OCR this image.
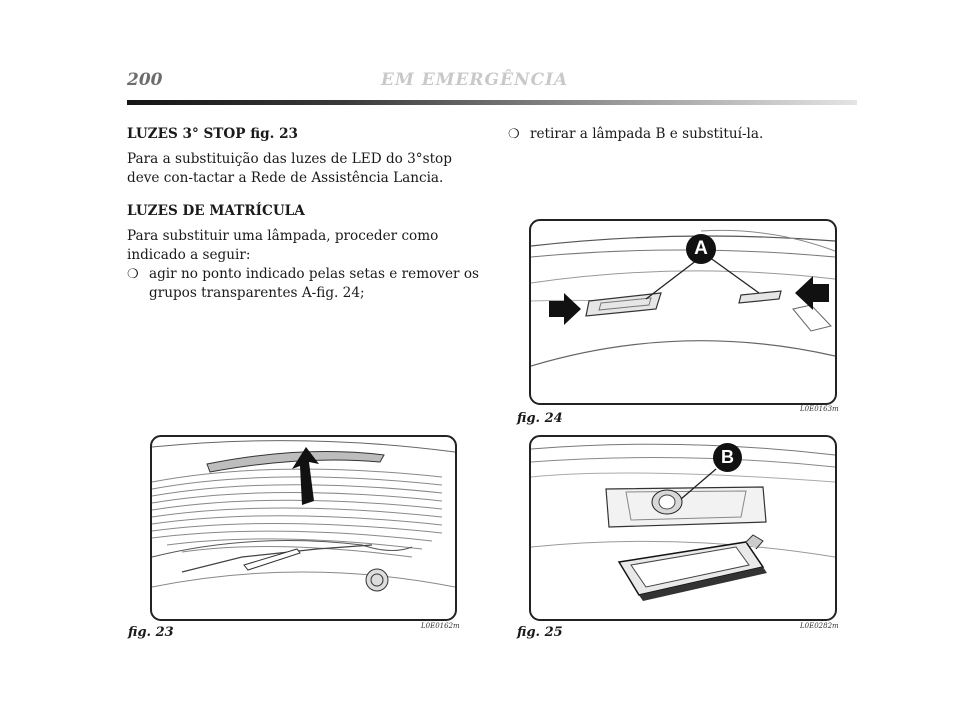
200	EM EMERGÊNCIA
LUZES 3° STOP fig. 23

Para a substituição das luzes de LED do 3°stop deve con-tactar a Rede de Assistência Lancia.

LUZES DE MATRÍCULA

Para substituir uma lâmpada, proceder como indicado a seguir:

❍ agir no ponto indicado pelas setas e remover os grupos transparentes A-fig. 24;
❍ retirar a lâmpada B e substituí-la.
A
fig. 24
L0E0163m
fig. 23	L0E0162m
B
fig. 25	L0E0282m
